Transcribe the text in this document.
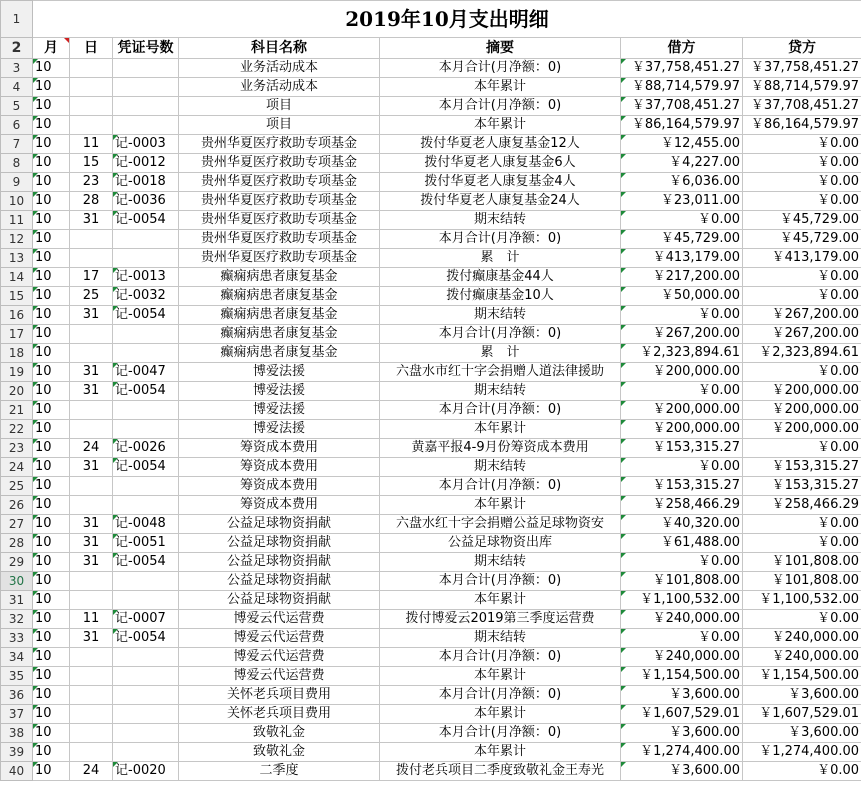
1	2019年10月支出明细						
2	月	日	凭证号数	科目名称	摘要	借方	贷方
3	10			业务活动成本	本月合计(月净额：0)	￥37,758,451.27	￥37,758,451.27
4	10			业务活动成本	本年累计	￥88,714,579.97	￥88,714,579.97
5	10			项目	本月合计(月净额：0)	￥37,708,451.27	￥37,708,451.27
6	10			项目	本年累计	￥86,164,579.97	￥86,164,579.97
7	10	11	记-0003	贵州华夏医疗救助专项基金	拨付华夏老人康复基金12人	￥12,455.00	￥0.00
8	10	15	记-0012	贵州华夏医疗救助专项基金	拨付华夏老人康复基金6人	￥4,227.00	￥0.00
9	10	23	记-0018	贵州华夏医疗救助专项基金	拨付华夏老人康复基金4人	￥6,036.00	￥0.00
10	10	28	记-0036	贵州华夏医疗救助专项基金	拨付华夏老人康复基金24人	￥23,011.00	￥0.00
11	10	31	记-0054	贵州华夏医疗救助专项基金	期末结转	￥0.00	￥45,729.00
12	10			贵州华夏医疗救助专项基金	本月合计(月净额：0)	￥45,729.00	￥45,729.00
13	10			贵州华夏医疗救助专项基金	累　计	￥413,179.00	￥413,179.00
14	10	17	记-0013	癫痫病患者康复基金	拨付癫康基金44人	￥217,200.00	￥0.00
15	10	25	记-0032	癫痫病患者康复基金	拨付癫康基金10人	￥50,000.00	￥0.00
16	10	31	记-0054	癫痫病患者康复基金	期末结转	￥0.00	￥267,200.00
17	10			癫痫病患者康复基金	本月合计(月净额：0)	￥267,200.00	￥267,200.00
18	10			癫痫病患者康复基金	累　计	￥2,323,894.61	￥2,323,894.61
19	10	31	记-0047	博爱法援	六盘水市红十字会捐赠人道法律援助	￥200,000.00	￥0.00
20	10	31	记-0054	博爱法援	期末结转	￥0.00	￥200,000.00
21	10			博爱法援	本月合计(月净额：0)	￥200,000.00	￥200,000.00
22	10			博爱法援	本年累计	￥200,000.00	￥200,000.00
23	10	24	记-0026	筹资成本费用	黄嘉平报4-9月份筹资成本费用	￥153,315.27	￥0.00
24	10	31	记-0054	筹资成本费用	期末结转	￥0.00	￥153,315.27
25	10			筹资成本费用	本月合计(月净额：0)	￥153,315.27	￥153,315.27
26	10			筹资成本费用	本年累计	￥258,466.29	￥258,466.29
27	10	31	记-0048	公益足球物资捐献	六盘水红十字会捐赠公益足球物资安	￥40,320.00	￥0.00
28	10	31	记-0051	公益足球物资捐献	公益足球物资出库	￥61,488.00	￥0.00
29	10	31	记-0054	公益足球物资捐献	期末结转	￥0.00	￥101,808.00
30	10			公益足球物资捐献	本月合计(月净额：0)	￥101,808.00	￥101,808.00
31	10			公益足球物资捐献	本年累计	￥1,100,532.00	￥1,100,532.00
32	10	11	记-0007	博爱云代运营费	拨付博爱云2019第三季度运营费	￥240,000.00	￥0.00
33	10	31	记-0054	博爱云代运营费	期末结转	￥0.00	￥240,000.00
34	10			博爱云代运营费	本月合计(月净额：0)	￥240,000.00	￥240,000.00
35	10			博爱云代运营费	本年累计	￥1,154,500.00	￥1,154,500.00
36	10			关怀老兵项目费用	本月合计(月净额：0)	￥3,600.00	￥3,600.00
37	10			关怀老兵项目费用	本年累计	￥1,607,529.01	￥1,607,529.01
38	10			致敬礼金	本月合计(月净额：0)	￥3,600.00	￥3,600.00
39	10			致敬礼金	本年累计	￥1,274,400.00	￥1,274,400.00
40	10	24	记-0020	二季度	拨付老兵项目二季度致敬礼金王寿光	￥3,600.00	￥0.00
